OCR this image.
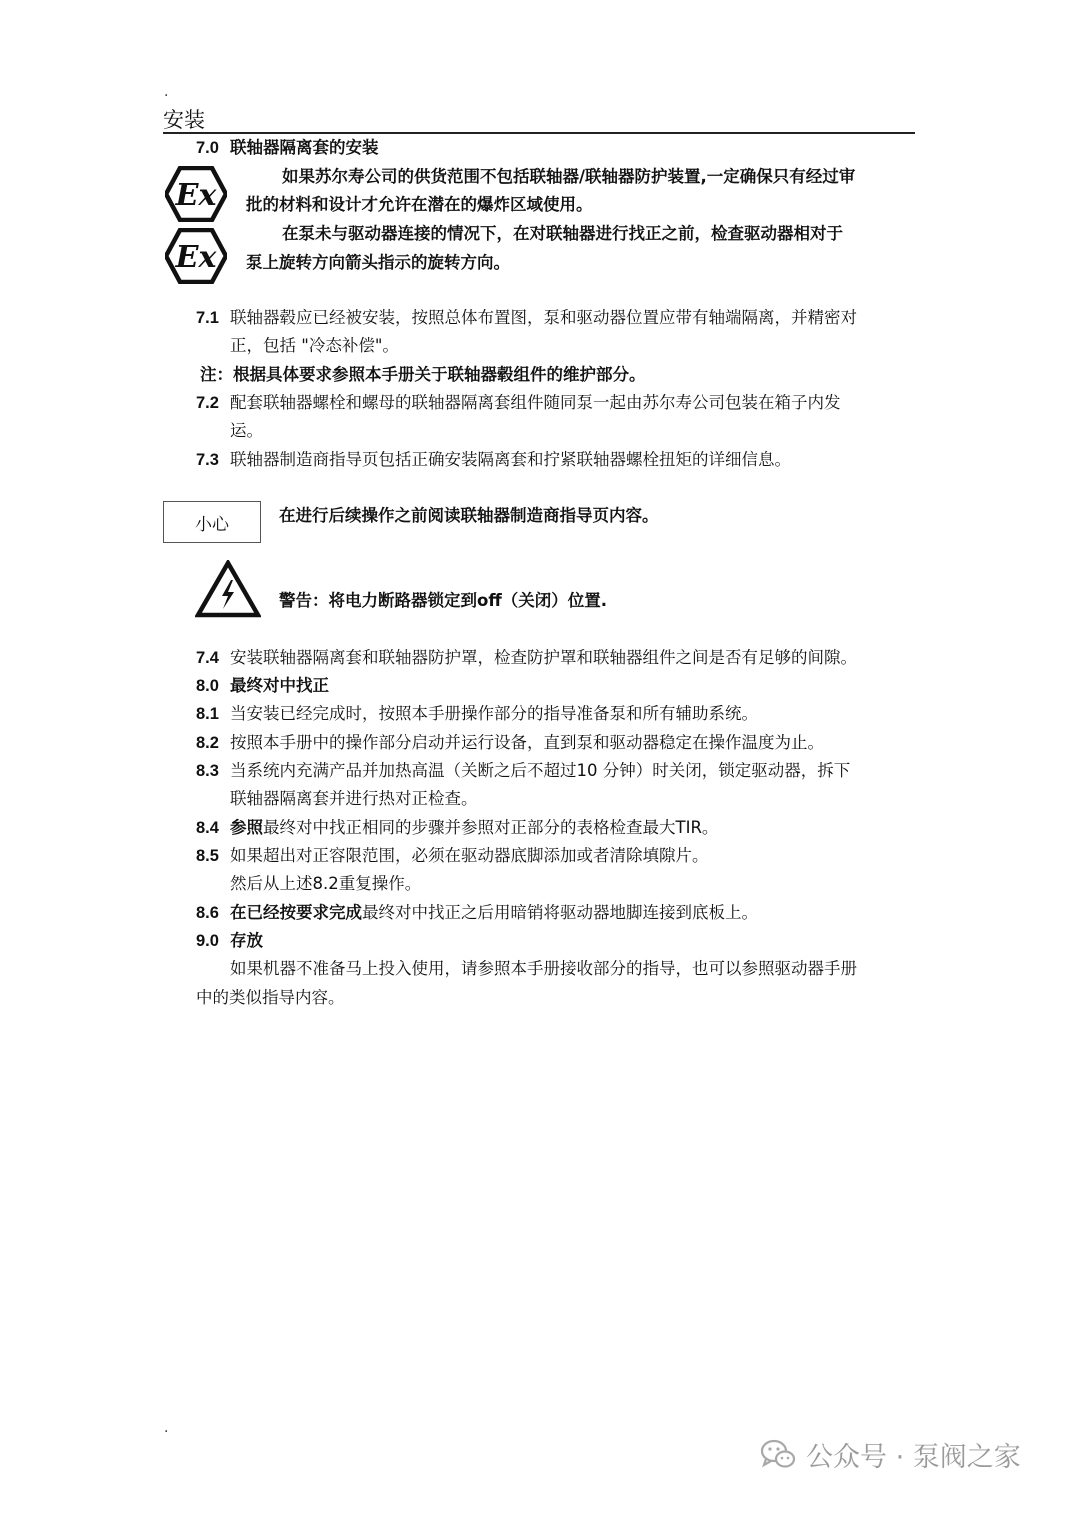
.
安装
7.0 联轴器隔离套的安装
Ex
如果苏尔寿公司的供货范围不包括联轴器/联轴器防护装置,一定确保只有经过审
批的材料和设计才允许在潜在的爆炸区域使用。
Ex
在泵未与驱动器连接的情况下，在对联轴器进行找正之前，检查驱动器相对于
泵上旋转方向箭头指示的旋转方向。
7.1 联轴器毂应已经被安装，按照总体布置图，泵和驱动器位置应带有轴端隔离，并精密对
正，包括 "冷态补偿"。
注：根据具体要求参照本手册关于联轴器毂组件的维护部分。
7.2 配套联轴器螺栓和螺母的联轴器隔离套组件随同泵一起由苏尔寿公司包装在箱子内发
运。
7.3 联轴器制造商指导页包括正确安装隔离套和拧紧联轴器螺栓扭矩的详细信息。
小心	在进行后续操作之前阅读联轴器制造商指导页内容。
警告：将电力断路器锁定到off（关闭）位置.
7.4 安装联轴器隔离套和联轴器防护罩，检查防护罩和联轴器组件之间是否有足够的间隙。
8.0 最终对中找正
8.1 当安装已经完成时，按照本手册操作部分的指导准备泵和所有辅助系统。
8.2 按照本手册中的操作部分启动并运行设备，直到泵和驱动器稳定在操作温度为止。
8.3 当系统内充满产品并加热高温（关断之后不超过10 分钟）时关闭，锁定驱动器，拆下
联轴器隔离套并进行热对正检查。
8.4 参照最终对中找正相同的步骤并参照对正部分的表格检查最大TIR。
8.5 如果超出对正容限范围，必须在驱动器底脚添加或者清除填隙片。
然后从上述8.2重复操作。
8.6 在已经按要求完成最终对中找正之后用暗销将驱动器地脚连接到底板上。
9.0 存放
如果机器不准备马上投入使用，请参照本手册接收部分的指导，也可以参照驱动器手册
中的类似指导内容。
.
公众号 · 泵阀之家
